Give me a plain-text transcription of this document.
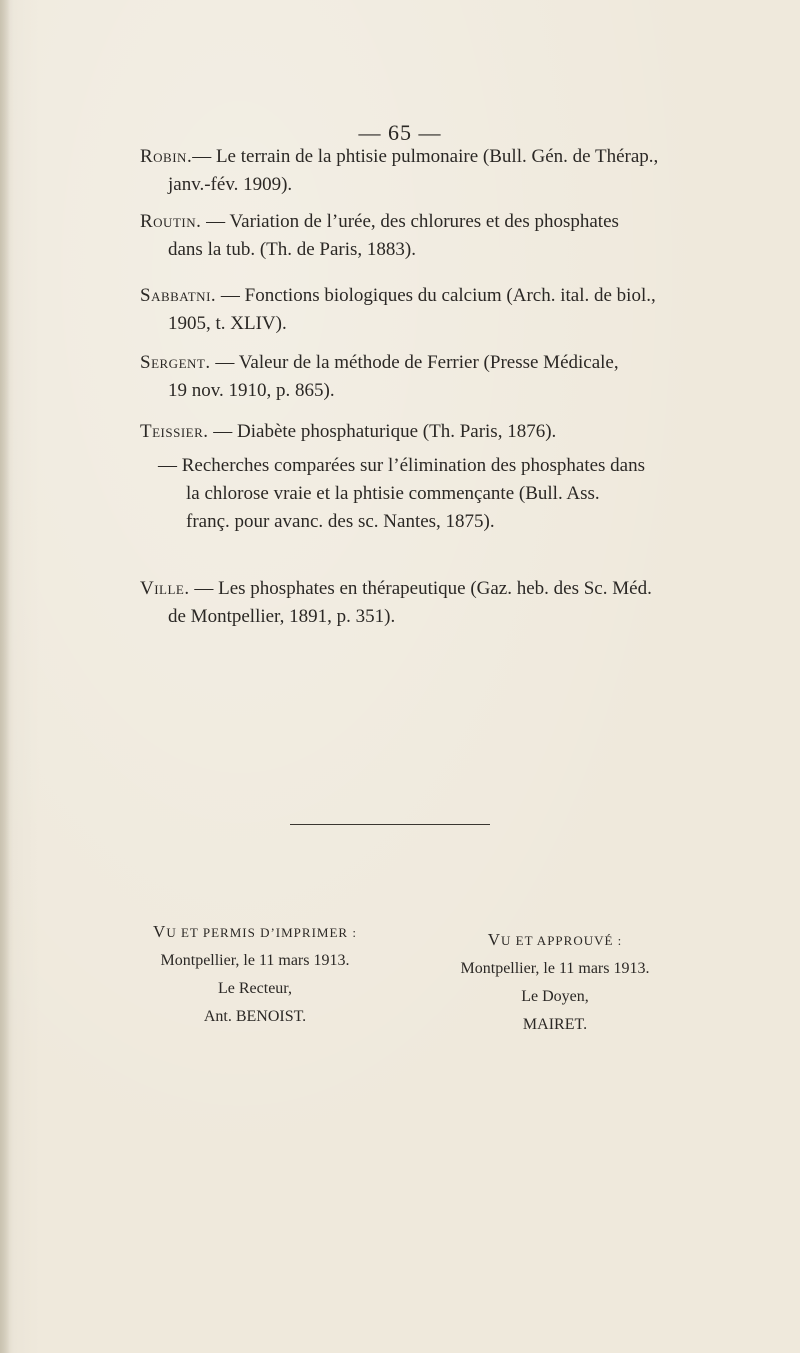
— 65 —
Robin.— Le terrain de la phtisie pulmonaire (Bull. Gén. de Thérap.,
janv.-fév. 1909).
Routin. — Variation de l’urée, des chlorures et des phosphates
dans la tub. (Th. de Paris, 1883).
Sabbatni. — Fonctions biologiques du calcium (Arch. ital. de biol.,
1905, t. XLIV).
Sergent. — Valeur de la méthode de Ferrier (Presse Médicale,
19 nov. 1910, p. 865).
Teissier. — Diabète phosphaturique (Th. Paris, 1876).
— Recherches comparées sur l’élimination des phosphates dans
la chlorose vraie et la phtisie commençante (Bull. Ass.
franç. pour avanc. des sc. Nantes, 1875).
Ville. — Les phosphates en thérapeutique (Gaz. heb. des Sc. Méd.
de Montpellier, 1891, p. 351).
VU ET PERMIS D’IMPRIMER :
Montpellier, le 11 mars 1913.
Le Recteur,
Ant. BENOIST.
VU ET APPROUVÉ :
Montpellier, le 11 mars 1913.
Le Doyen,
MAIRET.
